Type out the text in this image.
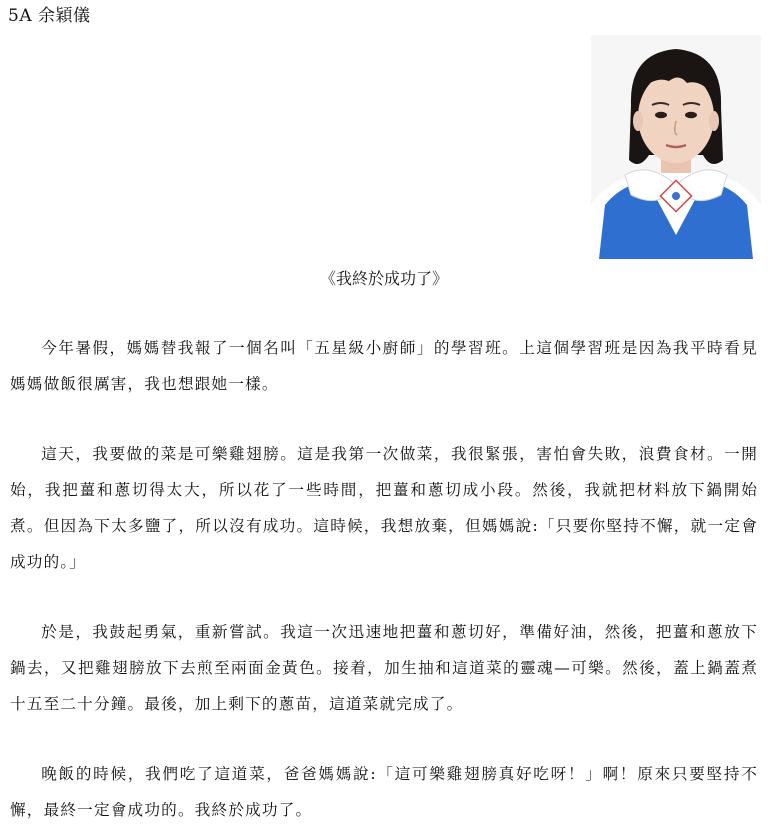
5A 余穎儀
《我終於成功了》

今年暑假，媽媽替我報了一個名叫「五星級小廚師」的學習班。上這個學習班是因為我平時看見媽媽做飯很厲害，我也想跟她一樣。

這天，我要做的菜是可樂雞翅膀。這是我第一次做菜，我很緊張，害怕會失敗，浪費食材。一開始，我把薑和蔥切得太大，所以花了一些時間，把薑和蔥切成小段。然後，我就把材料放下鍋開始煮。但因為下太多鹽了，所以沒有成功。這時候，我想放棄，但媽媽說:「只要你堅持不懈，就一定會成功的。」

於是，我鼓起勇氣，重新嘗試。我這一次迅速地把薑和蔥切好，準備好油，然後，把薑和蔥放下鍋去，又把雞翅膀放下去煎至兩面金黃色。接着，加生抽和這道菜的靈魂—可樂。然後，蓋上鍋蓋煮十五至二十分鐘。最後，加上剩下的蔥苗，這道菜就完成了。

晚飯的時候，我們吃了這道菜，爸爸媽媽說:「這可樂雞翅膀真好吃呀！」啊！原來只要堅持不懈，最終一定會成功的。我終於成功了。
